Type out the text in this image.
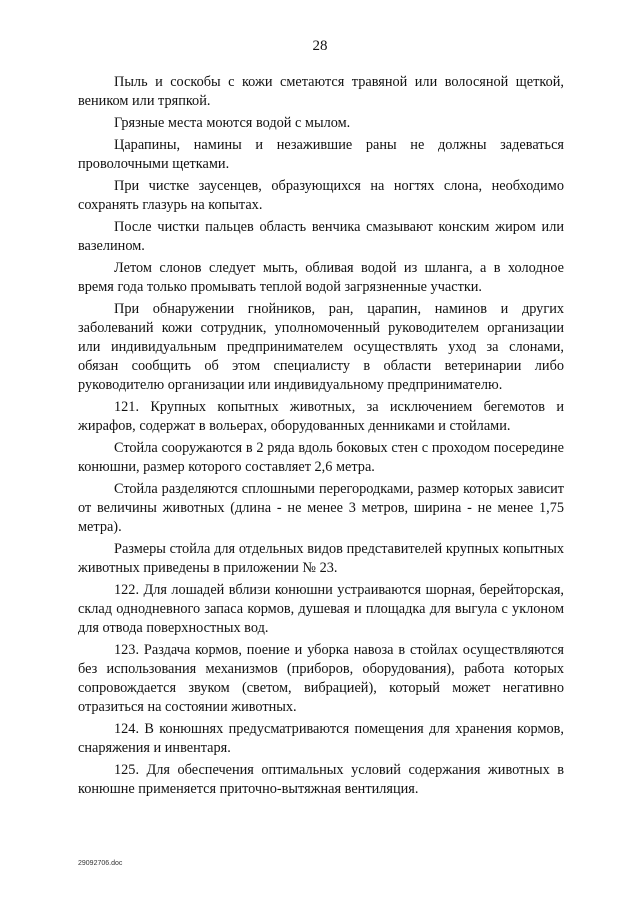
28

Пыль и соскобы с кожи сметаются травяной или волосяной щеткой, веником или тряпкой.

Грязные места моются водой с мылом.

Царапины, намины и незажившие раны не должны задеваться проволочными щетками.

При чистке заусенцев, образующихся на ногтях слона, необходимо сохранять глазурь на копытах.

После чистки пальцев область венчика смазывают конским жиром или вазелином.

Летом слонов следует мыть, обливая водой из шланга, а в холодное время года только промывать теплой водой загрязненные участки.

При обнаружении гнойников, ран, царапин, наминов и других заболеваний кожи сотрудник, уполномоченный руководителем организации или индивидуальным предпринимателем осуществлять уход за слонами, обязан сообщить об этом специалисту в области ветеринарии либо руководителю организации или индивидуальному предпринимателю.

121. Крупных копытных животных, за исключением бегемотов и жирафов, содержат в вольерах, оборудованных денниками и стойлами.

Стойла сооружаются в 2 ряда вдоль боковых стен с проходом посередине конюшни, размер которого составляет 2,6 метра.

Стойла разделяются сплошными перегородками, размер которых зависит от величины животных (длина - не менее 3 метров, ширина - не менее 1,75 метра).

Размеры стойла для отдельных видов представителей крупных копытных животных приведены в приложении № 23.

122. Для лошадей вблизи конюшни устраиваются шорная, берейторская, склад однодневного запаса кормов, душевая и площадка для выгула с уклоном для отвода поверхностных вод.

123. Раздача кормов, поение и уборка навоза в стойлах осуществляются без использования механизмов (приборов, оборудования), работа которых сопровождается звуком (светом, вибрацией), который может негативно отразиться на состоянии животных.

124. В конюшнях предусматриваются помещения для хранения кормов, снаряжения и инвентаря.

125. Для обеспечения оптимальных условий содержания животных в конюшне применяется приточно-вытяжная вентиляция.

29092706.doc
